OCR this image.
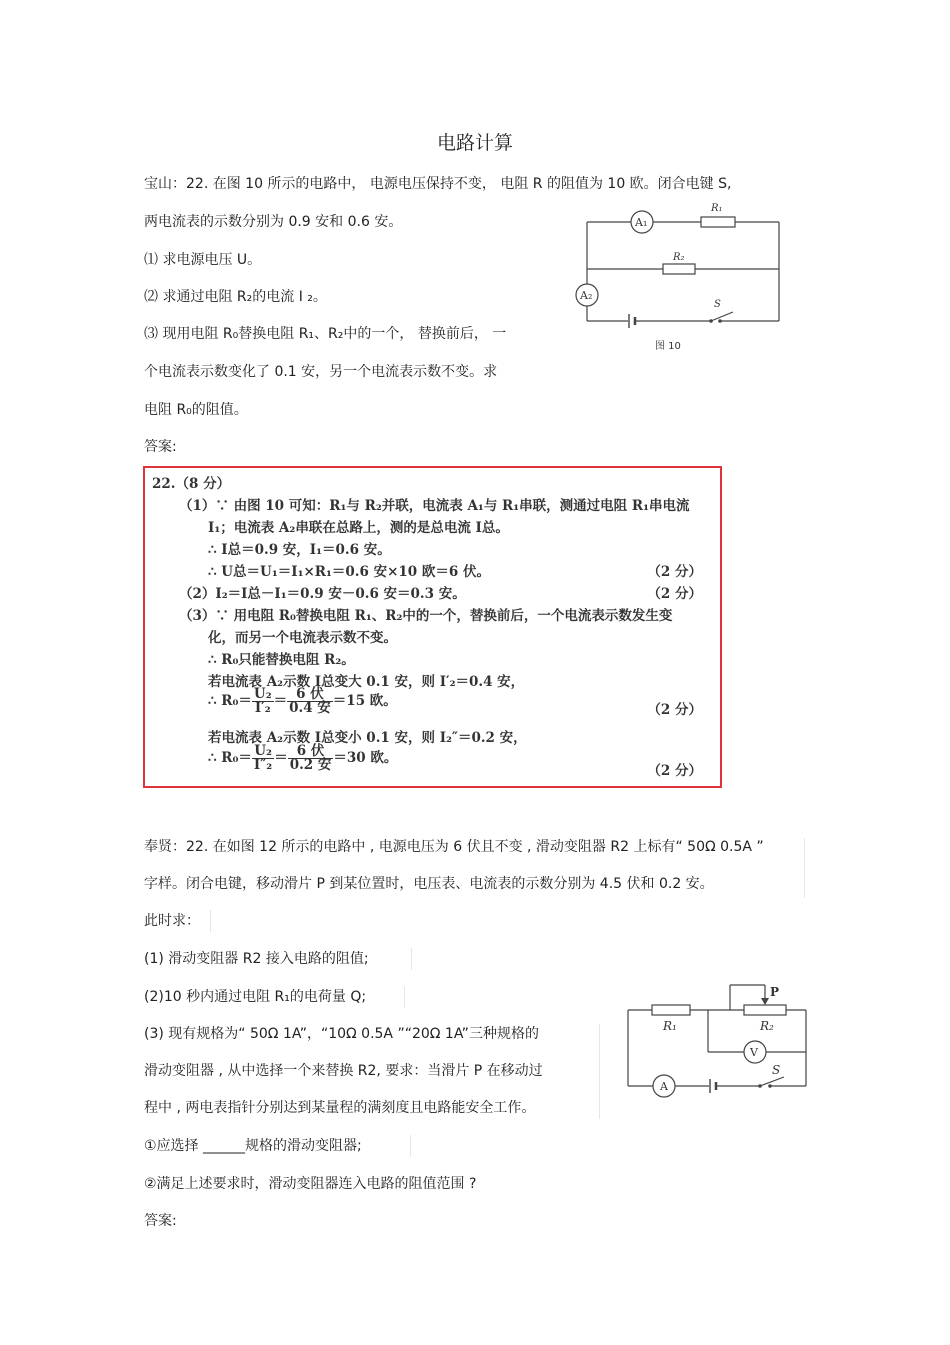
电路计算
宝山：22. 在图 10 所示的电路中， 电源电压保持不变， 电阻 R 的阻值为 10 欧。闭合电键 S,
两电流表的示数分别为 0.9 安和 0.6 安。
⑴ 求电源电压 U。
⑵ 求通过电阻 R₂的电流 I ₂。
⑶ 现用电阻 R₀替换电阻 R₁、R₂中的一个， 替换前后， 一
个电流表示数变化了 0.1 安，另一个电流表示数不变。求
电阻 R₀的阻值。
答案:
A₁
A₂
R₁
R₂
S
图 10
22.（8 分）
（1）∵ 由图 10 可知：R₁与 R₂并联，电流表 A₁与 R₁串联，测通过电阻 R₁串电流
I₁；电流表 A₂串联在总路上，测的是总电流 I总。
∴ I总＝0.9 安，I₁＝0.6 安。
∴ U总＝U₁＝I₁×R₁＝0.6 安×10 欧＝6 伏。	（2 分）
（2）I₂＝I总－I₁＝0.9 安－0.6 安＝0.3 安。	（2 分）
（3）∵ 用电阻 R₀替换电阻 R₁、R₂中的一个，替换前后，一个电流表示数发生变
化，而另一个电流表示数不变。
∴ R₀只能替换电阻 R₂。
若电流表 A₂示数 I总变大 0.1 安，则 I′₂＝0.4 安，
∴ $R_0= \frac{\text{U₂}}{\text{I′₂}} = \frac{\text{6 伏}}{\text{0.4 安}} =15$ 欧。
（2 分）
若电流表 A₂示数 I总变小 0.1 安，则 I₂″＝0.2 安，
∴ $R_0= \frac{\text{U₂}}{\text{I″₂}} = \frac{\text{6 伏}}{\text{0.2 安}} =30$ 欧。
（2 分）
奉贤：22. 在如图 12 所示的电路中 , 电源电压为 6 伏且不变 , 滑动变阻器 R2 上标有“ 50Ω 0.5A ”
字样。闭合电键，移动滑片 P 到某位置时，电压表、电流表的示数分别为 4.5 伏和 0.2 安。
此时求：
(1) 滑动变阻器 R2 接入电路的阻值;
(2)10 秒内通过电阻 R₁的电荷量 Q;
(3) 现有规格为“ 50Ω 1A”，“10Ω 0.5A ”“20Ω 1A”三种规格的
滑动变阻器 , 从中选择一个来替换 R2, 要求：当滑片 P 在移动过
程中 , 两电表指针分别达到某量程的满刻度且电路能安全工作。
①应选择 ______规格的滑动变阻器;
②满足上述要求时，滑动变阻器连入电路的阻值范围 ?
答案:
R₁	R₂
P
V
A
S
